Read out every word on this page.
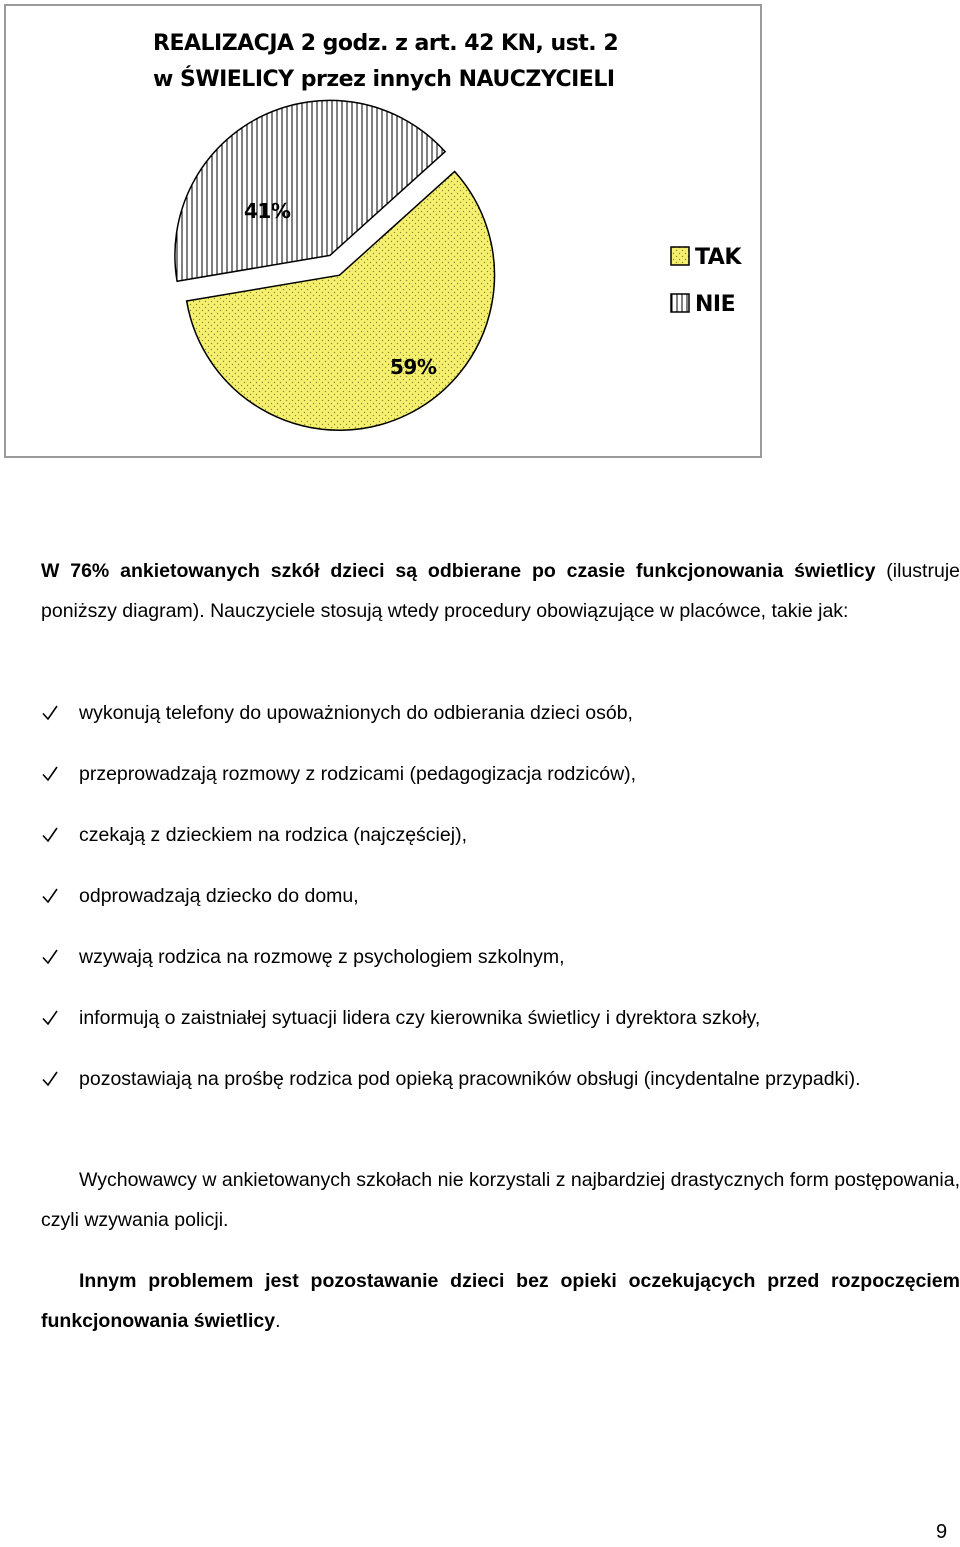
REALIZACJA 2 godz. z art. 42 KN, ust. 2
w ŚWIELICY przez innych NAUCZYCIELI
59%
41%
TAK
NIE

W 76% ankietowanych szkół dzieci są odbierane po czasie funkcjonowania świetlicy (ilustruje poniższy diagram). Nauczyciele stosują wtedy procedury obowiązujące w placówce, takie jak:

wykonują telefony do upoważnionych do odbierania dzieci osób,
przeprowadzają rozmowy z rodzicami (pedagogizacja rodziców),
czekają z dzieckiem na rodzica (najczęściej),
odprowadzają dziecko do domu,
wzywają rodzica na rozmowę z psychologiem szkolnym,
informują o zaistniałej sytuacji lidera czy kierownika świetlicy i dyrektora szkoły,
pozostawiają na prośbę rodzica pod opieką pracowników obsługi (incydentalne przypadki).

Wychowawcy w ankietowanych szkołach nie korzystali z najbardziej drastycznych form postępowania, czyli wzywania policji.

Innym problemem jest pozostawanie dzieci bez opieki oczekujących przed rozpoczęciem funkcjonowania świetlicy.

9
